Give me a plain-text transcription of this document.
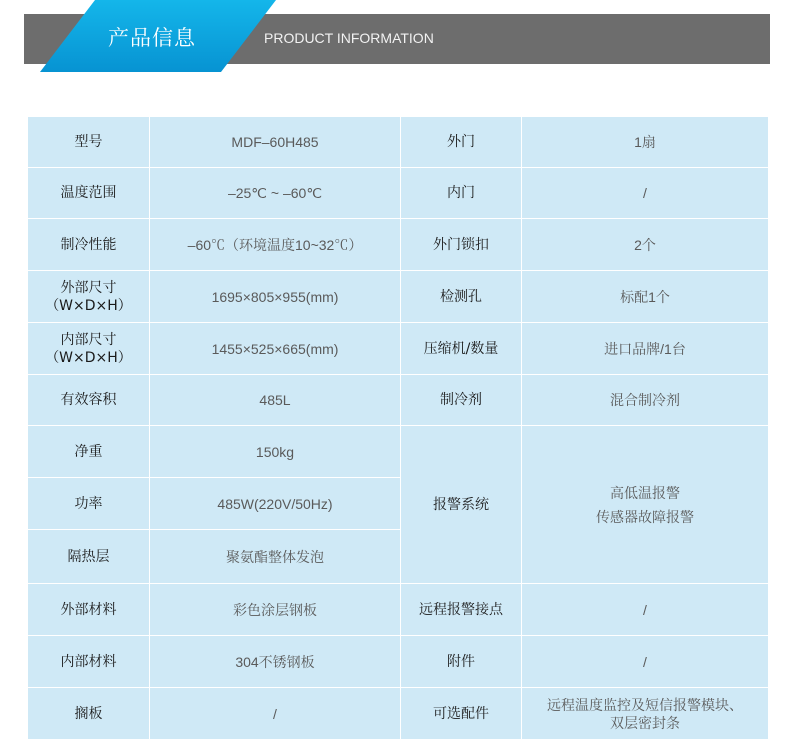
产品信息	PRODUCT INFORMATION
型号	MDF–60H485	外门	1扇
温度范围	–25℃ ~ –60℃	内门	/
制冷性能	–60℃（环境温度10~32℃）	外门锁扣	2个

外部尺寸
（W×D×H）	1695×805×955(mm)	检测孔	标配1个

内部尺寸
（W×D×H）	1455×525×665(mm)	压缩机/数量	进口品牌/1台
有效容积	485L	制冷剂	混合制冷剂
净重	150kg	报警系统	高低温报警
传感器故障报警

功率	485W(220V/50Hz)		
隔热层	聚氨酯整体发泡		
外部材料	彩色涂层钢板	远程报警接点	/
内部材料	304不锈钢板	附件	/
搁板	/	可选配件	远程温度监控及短信报警模块、
双层密封条
